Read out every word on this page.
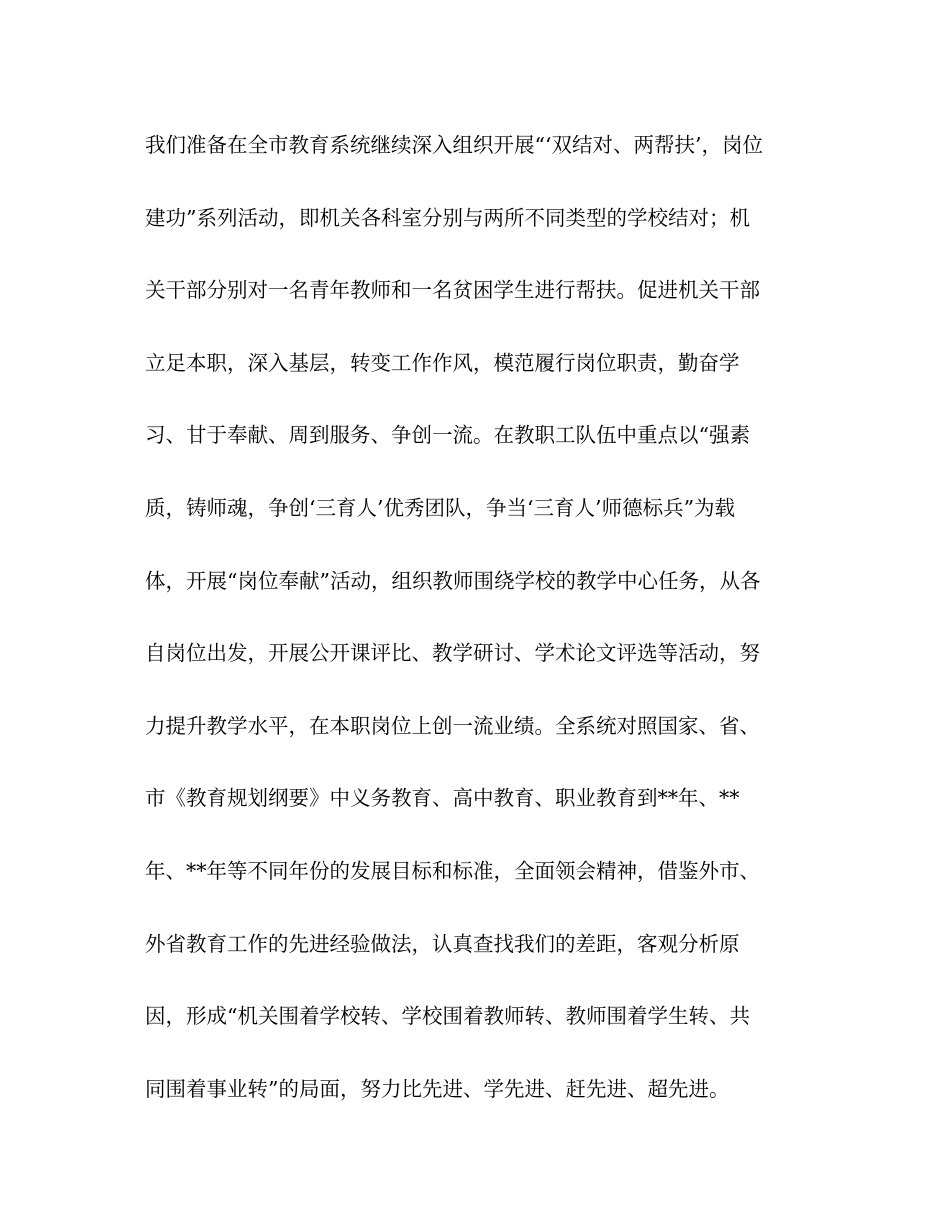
我们准备在全市教育系统继续深入组织开展“‘双结对、两帮扶’，岗位
建功”系列活动，即机关各科室分别与两所不同类型的学校结对；机
关干部分别对一名青年教师和一名贫困学生进行帮扶。促进机关干部
立足本职，深入基层，转变工作作风，模范履行岗位职责，勤奋学
习、甘于奉献、周到服务、争创一流。在教职工队伍中重点以“强素
质，铸师魂，争创‘三育人’优秀团队，争当‘三育人’师德标兵”为载
体，开展“岗位奉献”活动，组织教师围绕学校的教学中心任务，从各
自岗位出发，开展公开课评比、教学研讨、学术论文评选等活动，努
力提升教学水平，在本职岗位上创一流业绩。全系统对照国家、省、
市《教育规划纲要》中义务教育、高中教育、职业教育到**年、**
年、**年等不同年份的发展目标和标准，全面领会精神，借鉴外市、
外省教育工作的先进经验做法，认真查找我们的差距，客观分析原
因，形成“机关围着学校转、学校围着教师转、教师围着学生转、共
同围着事业转”的局面，努力比先进、学先进、赶先进、超先进。
